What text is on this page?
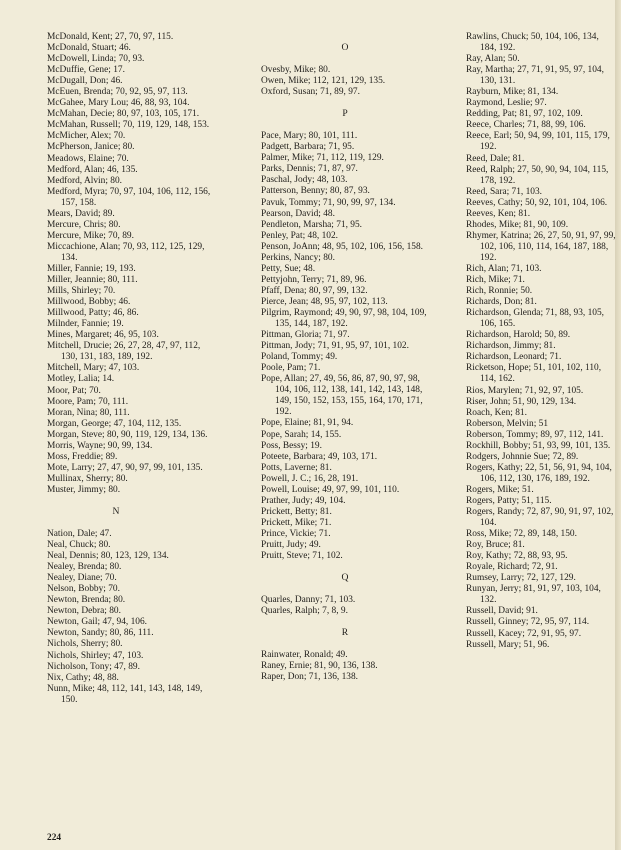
McDonald, Kent; 27, 70, 97, 115.
McDonald, Stuart; 46.
McDowell, Linda; 70, 93.
McDuffie, Gene; 17.
McDugall, Don; 46.
McEuen, Brenda; 70, 92, 95, 97, 113.
McGahee, Mary Lou; 46, 88, 93, 104.
McMahan, Decie; 80, 97, 103, 105, 171.
McMahan, Russell; 70, 119, 129, 148, 153.
McMicher, Alex; 70.
McPherson, Janice; 80.
Meadows, Elaine; 70.
Medford, Alan; 46, 135.
Medford, Alvin; 80.
Medford, Myra; 70, 97, 104, 106, 112, 156, 157, 158.
Mears, David; 89.
Mercure, Chris; 80.
Mercure, Mike; 70, 89.
Miccachione, Alan; 70, 93, 112, 125, 129, 134.
Miller, Fannie; 19, 193.
Miller, Jeannie; 80, 111.
Mills, Shirley; 70.
Millwood, Bobby; 46.
Millwood, Patty; 46, 86.
Milnder, Fannie; 19.
Mines, Margaret; 46, 95, 103.
Mitchell, Drucie; 26, 27, 28, 47, 97, 112, 130, 131, 183, 189, 192.
Mitchell, Mary; 47, 103.
Motley, Lalia; 14.
Moor, Pat; 70.
Moore, Pam; 70, 111.
Moran, Nina; 80, 111.
Morgan, George; 47, 104, 112, 135.
Morgan, Steve; 80, 90, 119, 129, 134, 136.
Morris, Wayne; 90, 99, 134.
Moss, Freddie; 89.
Mote, Larry; 27, 47, 90, 97, 99, 101, 135.
Mullinax, Sherry; 80.
Muster, Jimmy; 80.
N
Nation, Dale; 47.
Neal, Chuck; 80.
Neal, Dennis; 80, 123, 129, 134.
Nealey, Brenda; 80.
Nealey, Diane; 70.
Nelson, Bobby; 70.
Newton, Brenda; 80.
Newton, Debra; 80.
Newton, Gail; 47, 94, 106.
Newton, Sandy; 80, 86, 111.
Nichols, Sherry; 80.
Nichols, Shirley; 47, 103.
Nicholson, Tony; 47, 89.
Nix, Cathy; 48, 88.
Nunn, Mike; 48, 112, 141, 143, 148, 149, 150.
O
Ovesby, Mike; 80.
Owen, Mike; 112, 121, 129, 135.
Oxford, Susan; 71, 89, 97.
P
Pace, Mary; 80, 101, 111.
Padgett, Barbara; 71, 95.
Palmer, Mike; 71, 112, 119, 129.
Parks, Dennis; 71, 87, 97.
Paschal, Jody; 48, 103.
Patterson, Benny; 80, 87, 93.
Pavuk, Tommy; 71, 90, 99, 97, 134.
Pearson, David; 48.
Pendleton, Marsha; 71, 95.
Penley, Pat; 48, 102.
Penson, JoAnn; 48, 95, 102, 106, 156, 158.
Perkins, Nancy; 80.
Petty, Sue; 48.
Pettyjohn, Terry; 71, 89, 96.
Pfaff, Dena; 80, 97, 99, 132.
Pierce, Jean; 48, 95, 97, 102, 113.
Pilgrim, Raymond; 49, 90, 97, 98, 104, 109, 135, 144, 187, 192.
Pittman, Gloria; 71, 97.
Pittman, Jody; 71, 91, 95, 97, 101, 102.
Poland, Tommy; 49.
Poole, Pam; 71.
Pope, Allan; 27, 49, 56, 86, 87, 90, 97, 98, 104, 106, 112, 138, 141, 142, 143, 148, 149, 150, 152, 153, 155, 164, 170, 171, 192.
Pope, Elaine; 81, 91, 94.
Pope, Sarah; 14, 155.
Poss, Bessy; 19.
Poteete, Barbara; 49, 103, 171.
Potts, Laverne; 81.
Powell, J. C.; 16, 28, 191.
Powell, Louise; 49, 97, 99, 101, 110.
Prather, Judy; 49, 104.
Prickett, Betty; 81.
Prickett, Mike; 71.
Prince, Vickie; 71.
Pruitt, Judy; 49.
Pruitt, Steve; 71, 102.
Q
Quarles, Danny; 71, 103.
Quarles, Ralph; 7, 8, 9.
R
Rainwater, Ronald; 49.
Raney, Ernie; 81, 90, 136, 138.
Raper, Don; 71, 136, 138.
Rawlins, Chuck; 50, 104, 106, 134, 184, 192.
Ray, Alan; 50.
Ray, Martha; 27, 71, 91, 95, 97, 104, 130, 131.
Rayburn, Mike; 81, 134.
Raymond, Leslie; 97.
Redding, Pat; 81, 97, 102, 109.
Reece, Charles; 71, 88, 99, 106.
Reece, Earl; 50, 94, 99, 101, 115, 179, 192.
Reed, Dale; 81.
Reed, Ralph; 27, 50, 90, 94, 104, 115, 178, 192.
Reed, Sara; 71, 103.
Reeves, Cathy; 50, 92, 101, 104, 106.
Reeves, Ken; 81.
Rhodes, Mike; 81, 90, 109.
Rhymer, Katrina; 26, 27, 50, 91, 97, 99, 102, 106, 110, 114, 164, 187, 188, 192.
Rich, Alan; 71, 103.
Rich, Mike; 71.
Rich, Ronnie; 50.
Richards, Don; 81.
Richardson, Glenda; 71, 88, 93, 105, 106, 165.
Richardson, Harold; 50, 89.
Richardson, Jimmy; 81.
Richardson, Leonard; 71.
Ricketson, Hope; 51, 101, 102, 110, 114, 162.
Rios, Marylen; 71, 92, 97, 105.
Riser, John; 51, 90, 129, 134.
Roach, Ken; 81.
Roberson, Melvin; 51
Roberson, Tommy; 89, 97, 112, 141.
Rockhill, Bobby; 51, 93, 99, 101, 135.
Rodgers, Johnnie Sue; 72, 89.
Rogers, Kathy; 22, 51, 56, 91, 94, 104, 106, 112, 130, 176, 189, 192.
Rogers, Mike; 51.
Rogers, Patty; 51, 115.
Rogers, Randy; 72, 87, 90, 91, 97, 102, 104.
Ross, Mike; 72, 89, 148, 150.
Roy, Bruce; 81.
Roy, Kathy; 72, 88, 93, 95.
Royale, Richard; 72, 91.
Rumsey, Larry; 72, 127, 129.
Runyan, Jerry; 81, 91, 97, 103, 104, 132.
Russell, David; 91.
Russell, Ginney; 72, 95, 97, 114.
Russell, Kacey; 72, 91, 95, 97.
Russell, Mary; 51, 96.
224
